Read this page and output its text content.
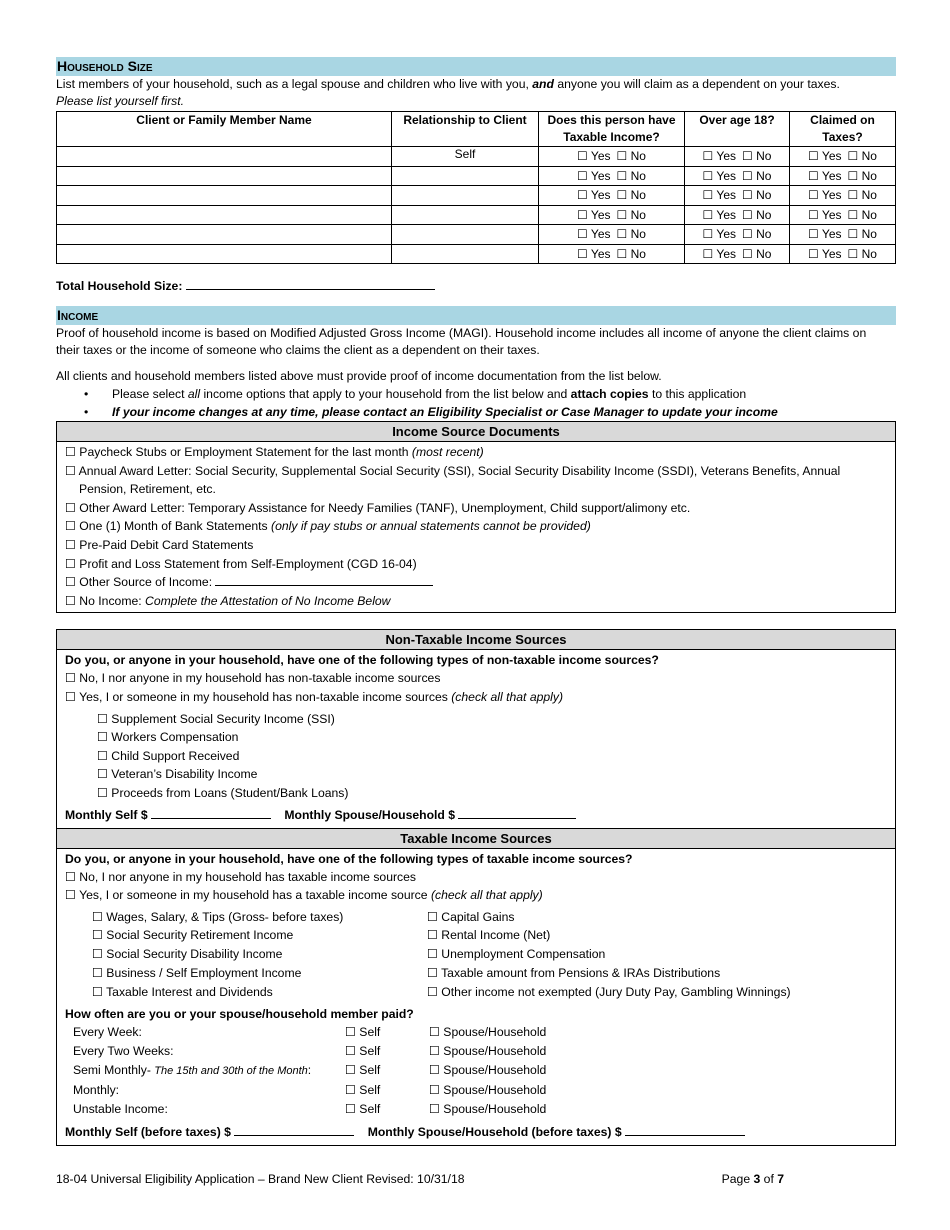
Household Size

List members of your household, such as a legal spouse and children who live with you, and anyone you will claim as a dependent on your taxes.

Please list yourself first.

Client or Family Member Name	Relationship to Client	Does this person have Taxable Income?	Over age 18?	Claimed on Taxes?
	Self	☐ Yes ☐ No	☐ Yes ☐ No	☐ Yes ☐ No
		☐ Yes ☐ No	☐ Yes ☐ No	☐ Yes ☐ No
		☐ Yes ☐ No	☐ Yes ☐ No	☐ Yes ☐ No
		☐ Yes ☐ No	☐ Yes ☐ No	☐ Yes ☐ No
		☐ Yes ☐ No	☐ Yes ☐ No	☐ Yes ☐ No
		☐ Yes ☐ No	☐ Yes ☐ No	☐ Yes ☐ No
Total Household Size:
Income

Proof of household income is based on Modified Adjusted Gross Income (MAGI). Household income includes all income of anyone the client claims on their taxes or the income of someone who claims the client as a dependent on their taxes.

All clients and household members listed above must provide proof of income documentation from the list below.

• Please select all income options that apply to your household from the list below and attach copies to this application
• If your income changes at any time, please contact an Eligibility Specialist or Case Manager to update your income
Income Source Documents
☐ Paycheck Stubs or Employment Statement for the last month (most recent)
☐ Annual Award Letter: Social Security, Supplemental Social Security (SSI), Social Security Disability Income (SSDI), Veterans Benefits, Annual
Pension, Retirement, etc.
☐ Other Award Letter: Temporary Assistance for Needy Families (TANF), Unemployment, Child support/alimony etc.
☐ One (1) Month of Bank Statements (only if pay stubs or annual statements cannot be provided)
☐ Pre-Paid Debit Card Statements
☐ Profit and Loss Statement from Self-Employment (CGD 16-04)
☐ Other Source of Income:
☐ No Income: Complete the Attestation of No Income Below
Non-Taxable Income Sources
Do you, or anyone in your household, have one of the following types of non-taxable income sources?
☐ No, I nor anyone in my household has non-taxable income sources
☐ Yes, I or someone in my household has non-taxable income sources (check all that apply)
☐ Supplement Social Security Income (SSI)
☐ Workers Compensation
☐ Child Support Received
☐ Veteran’s Disability Income
☐ Proceeds from Loans (Student/Bank Loans)
Monthly Self $	Monthly Spouse/Household $
Taxable Income Sources
Do you, or anyone in your household, have one of the following types of taxable income sources?
☐ No, I nor anyone in my household has taxable income sources
☐ Yes, I or someone in my household has a taxable income source (check all that apply)
☐ Wages, Salary, & Tips (Gross- before taxes)
☐ Social Security Retirement Income
☐ Social Security Disability Income
☐ Business / Self Employment Income
☐ Taxable Interest and Dividends
☐ Capital Gains
☐ Rental Income (Net)
☐ Unemployment Compensation
☐ Taxable amount from Pensions & IRAs Distributions
☐ Other income not exempted (Jury Duty Pay, Gambling Winnings)
How often are you or your spouse/household member paid?
Every Week:	☐ Self	☐ Spouse/Household
Every Two Weeks:	☐ Self	☐ Spouse/Household
Semi Monthly- The 15th and 30th of the Month:	☐ Self	☐ Spouse/Household
Monthly:	☐ Self	☐ Spouse/Household
Unstable Income:	☐ Self	☐ Spouse/Household
Monthly Self (before taxes) $	Monthly Spouse/Household (before taxes) $
18-04 Universal Eligibility Application – Brand New Client Revised: 10/31/18	Page 3 of 7
